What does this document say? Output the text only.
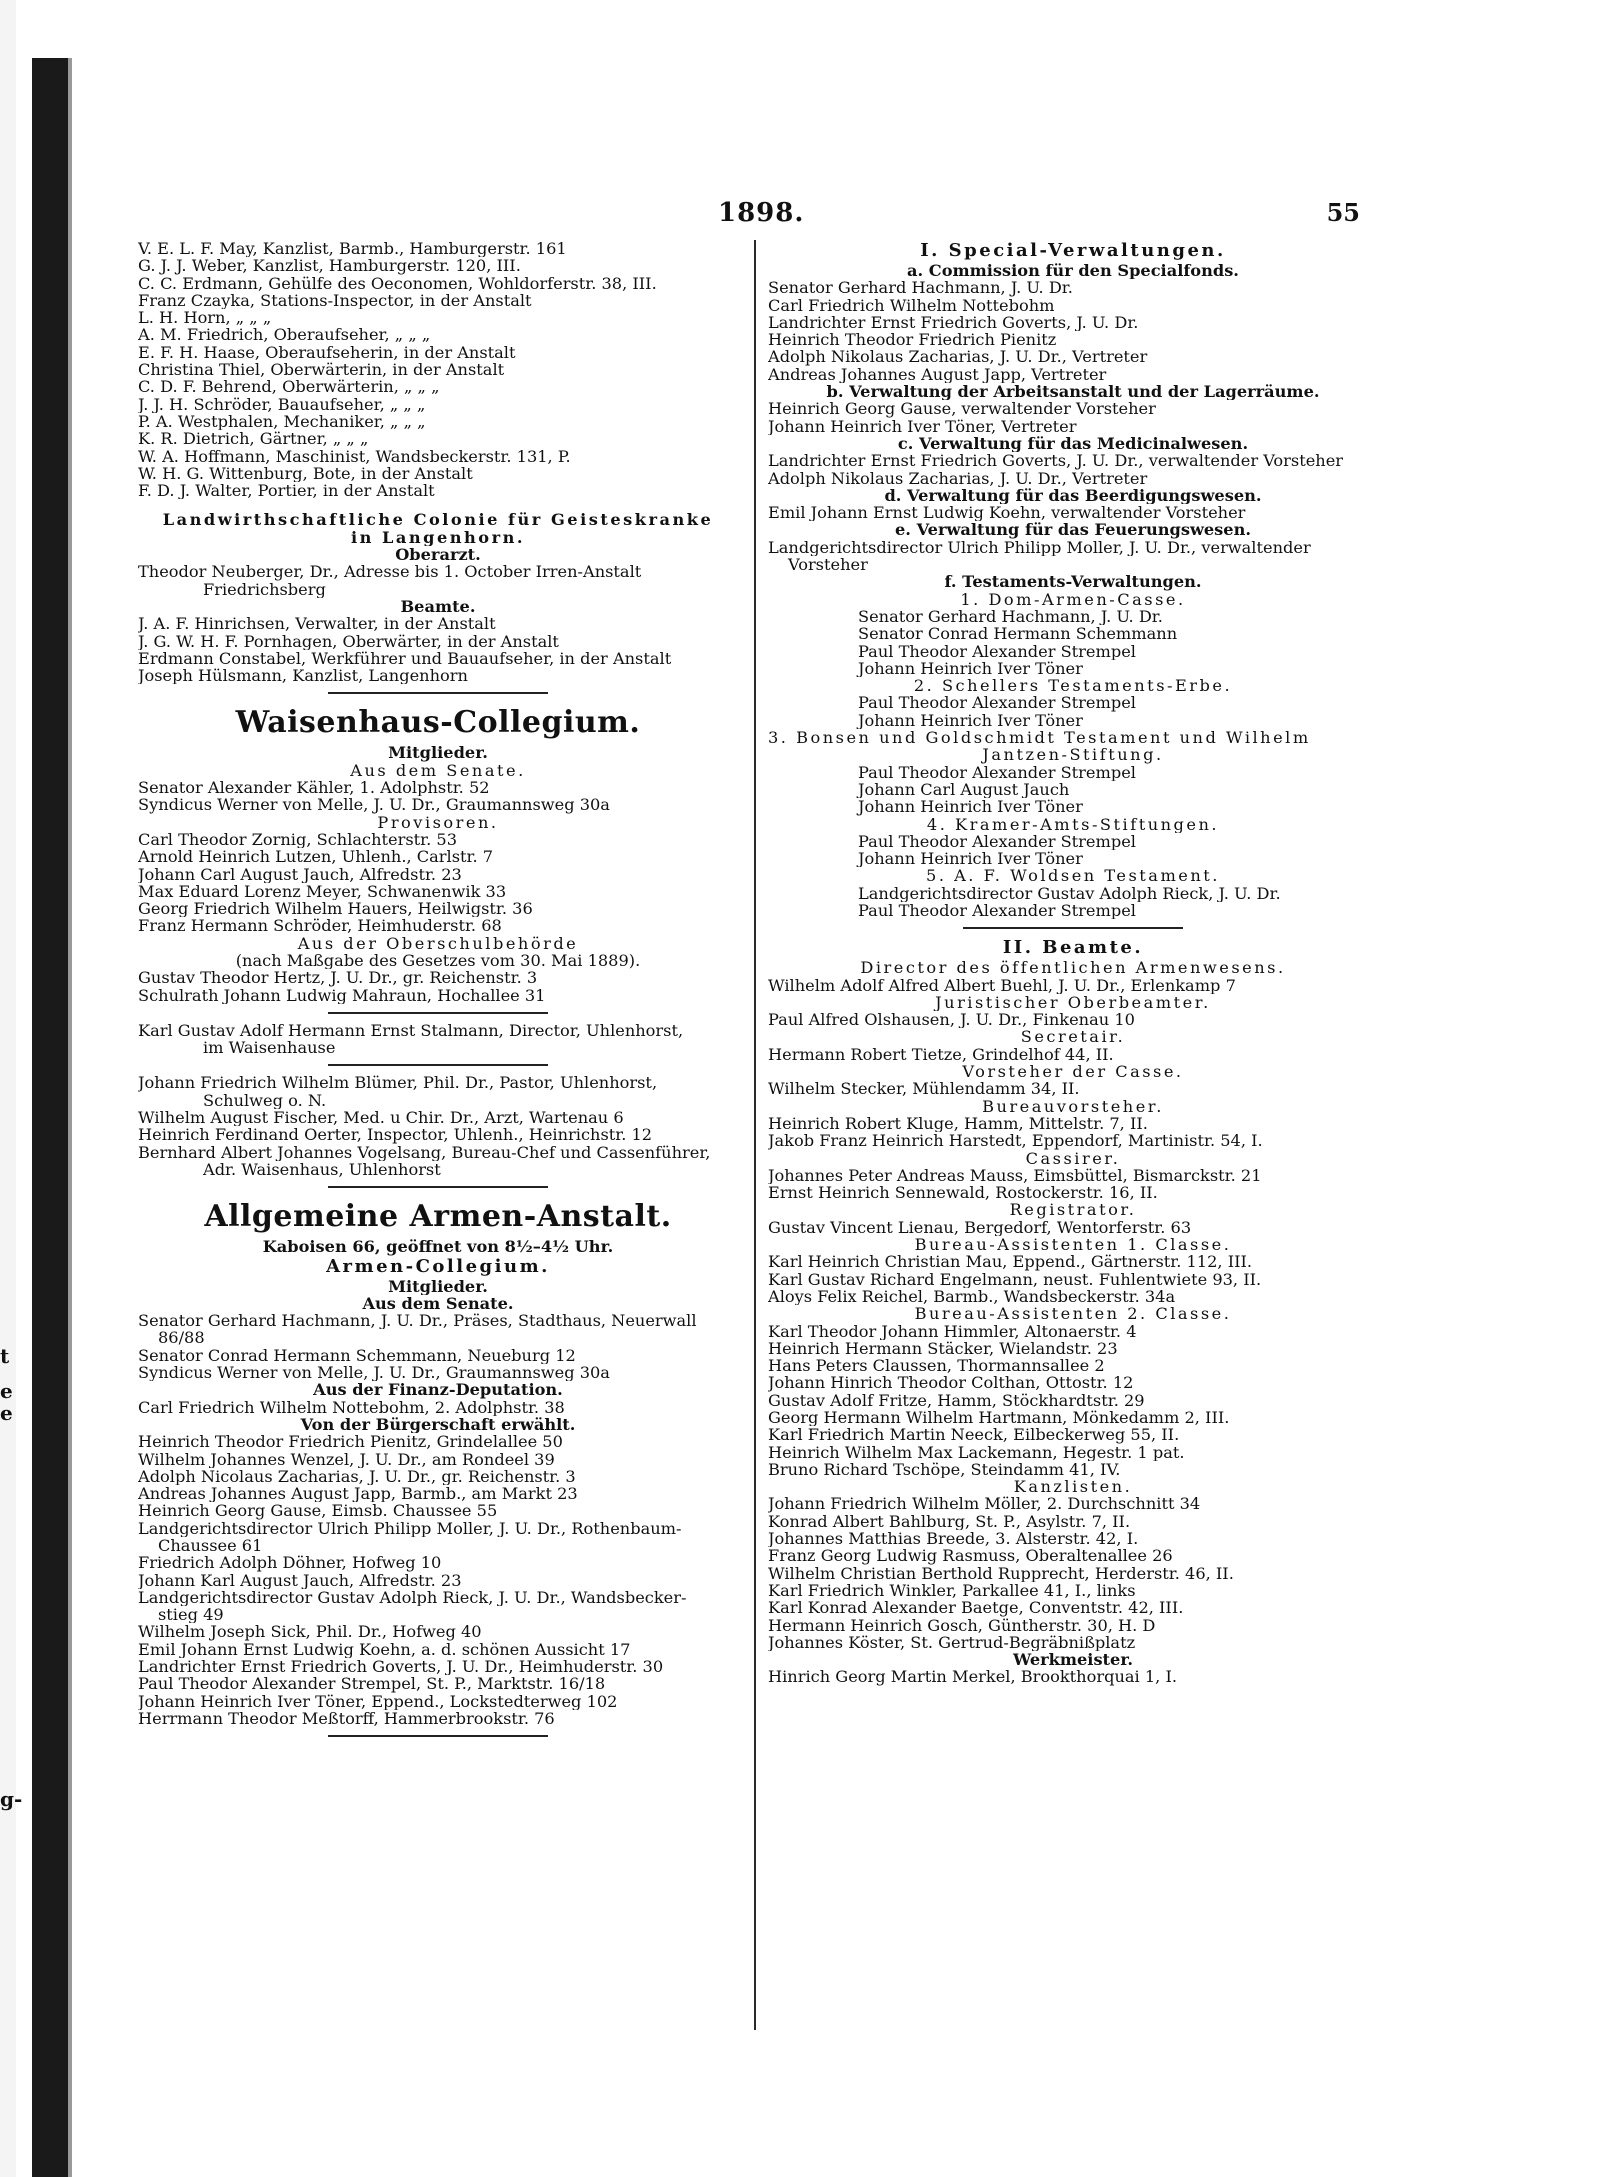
t
e
e
g-
1898.	55
V. E. L. F. May, Kanzlist, Barmb., Hamburgerstr. 161
G. J. J. Weber, Kanzlist, Hamburgerstr. 120, III.
C. C. Erdmann, Gehülfe des Oeconomen, Wohldorferstr. 38, III.
Franz Czayka, Stations-Inspector, in der Anstalt
L. H. Horn, „ „ „
A. M. Friedrich, Oberaufseher, „ „ „
E. F. H. Haase, Oberaufseherin, in der Anstalt
Christina Thiel, Oberwärterin, in der Anstalt
C. D. F. Behrend, Oberwärterin, „ „ „
J. J. H. Schröder, Bauaufseher, „ „ „
P. A. Westphalen, Mechaniker, „ „ „
K. R. Dietrich, Gärtner, „ „ „
W. A. Hoffmann, Maschinist, Wandsbeckerstr. 131, P.
W. H. G. Wittenburg, Bote, in der Anstalt
F. D. J. Walter, Portier, in der Anstalt
Landwirthschaftliche Colonie für Geisteskranke
in Langenhorn.
Oberarzt.
Theodor Neuberger, Dr., Adresse bis 1. October Irren-Anstalt
Friedrichsberg
Beamte.
J. A. F. Hinrichsen, Verwalter, in der Anstalt
J. G. W. H. F. Pornhagen, Oberwärter, in der Anstalt
Erdmann Constabel, Werkführer und Bauaufseher, in der Anstalt
Joseph Hülsmann, Kanzlist, Langenhorn
Waisenhaus-Collegium.
Mitglieder.
Aus dem Senate.
Senator Alexander Kähler, 1. Adolphstr. 52
Syndicus Werner von Melle, J. U. Dr., Graumannsweg 30a
Provisoren.
Carl Theodor Zornig, Schlachterstr. 53
Arnold Heinrich Lutzen, Uhlenh., Carlstr. 7
Johann Carl August Jauch, Alfredstr. 23
Max Eduard Lorenz Meyer, Schwanenwik 33
Georg Friedrich Wilhelm Hauers, Heilwigstr. 36
Franz Hermann Schröder, Heimhuderstr. 68
Aus der Oberschulbehörde
(nach Maßgabe des Gesetzes vom 30. Mai 1889).
Gustav Theodor Hertz, J. U. Dr., gr. Reichenstr. 3
Schulrath Johann Ludwig Mahraun, Hochallee 31
Karl Gustav Adolf Hermann Ernst Stalmann, Director, Uhlenhorst,
im Waisenhause
Johann Friedrich Wilhelm Blümer, Phil. Dr., Pastor, Uhlenhorst,
Schulweg o. N.
Wilhelm August Fischer, Med. u Chir. Dr., Arzt, Wartenau 6
Heinrich Ferdinand Oerter, Inspector, Uhlenh., Heinrichstr. 12
Bernhard Albert Johannes Vogelsang, Bureau-Chef und Cassenführer,
Adr. Waisenhaus, Uhlenhorst
Allgemeine Armen-Anstalt.
Kaboisen 66, geöffnet von 8½–4½ Uhr.
Armen-Collegium.
Mitglieder.
Aus dem Senate.
Senator Gerhard Hachmann, J. U. Dr., Präses, Stadthaus, Neuerwall
86/88
Senator Conrad Hermann Schemmann, Neueburg 12
Syndicus Werner von Melle, J. U. Dr., Graumannsweg 30a
Aus der Finanz-Deputation.
Carl Friedrich Wilhelm Nottebohm, 2. Adolphstr. 38
Von der Bürgerschaft erwählt.
Heinrich Theodor Friedrich Pienitz, Grindelallee 50
Wilhelm Johannes Wenzel, J. U. Dr., am Rondeel 39
Adolph Nicolaus Zacharias, J. U. Dr., gr. Reichenstr. 3
Andreas Johannes August Japp, Barmb., am Markt 23
Heinrich Georg Gause, Eimsb. Chaussee 55
Landgerichtsdirector Ulrich Philipp Moller, J. U. Dr., Rothenbaum-
Chaussee 61
Friedrich Adolph Döhner, Hofweg 10
Johann Karl August Jauch, Alfredstr. 23
Landgerichtsdirector Gustav Adolph Rieck, J. U. Dr., Wandsbecker-
stieg 49
Wilhelm Joseph Sick, Phil. Dr., Hofweg 40
Emil Johann Ernst Ludwig Koehn, a. d. schönen Aussicht 17
Landrichter Ernst Friedrich Goverts, J. U. Dr., Heimhuderstr. 30
Paul Theodor Alexander Strempel, St. P., Marktstr. 16/18
Johann Heinrich Iver Töner, Eppend., Lockstedterweg 102
Herrmann Theodor Meßtorff, Hammerbrookstr. 76
I. Special-Verwaltungen.
a. Commission für den Specialfonds.
Senator Gerhard Hachmann, J. U. Dr.
Carl Friedrich Wilhelm Nottebohm
Landrichter Ernst Friedrich Goverts, J. U. Dr.
Heinrich Theodor Friedrich Pienitz
Adolph Nikolaus Zacharias, J. U. Dr., Vertreter
Andreas Johannes August Japp, Vertreter
b. Verwaltung der Arbeitsanstalt und der Lagerräume.
Heinrich Georg Gause, verwaltender Vorsteher
Johann Heinrich Iver Töner, Vertreter
c. Verwaltung für das Medicinalwesen.
Landrichter Ernst Friedrich Goverts, J. U. Dr., verwaltender Vorsteher
Adolph Nikolaus Zacharias, J. U. Dr., Vertreter
d. Verwaltung für das Beerdigungswesen.
Emil Johann Ernst Ludwig Koehn, verwaltender Vorsteher
e. Verwaltung für das Feuerungswesen.
Landgerichtsdirector Ulrich Philipp Moller, J. U. Dr., verwaltender
Vorsteher
f. Testaments-Verwaltungen.
1. Dom-Armen-Casse.
Senator Gerhard Hachmann, J. U. Dr.
Senator Conrad Hermann Schemmann
Paul Theodor Alexander Strempel
Johann Heinrich Iver Töner
2. Schellers Testaments-Erbe.
Paul Theodor Alexander Strempel
Johann Heinrich Iver Töner
3. Bonsen und Goldschmidt Testament und Wilhelm
Jantzen-Stiftung.
Paul Theodor Alexander Strempel
Johann Carl August Jauch
Johann Heinrich Iver Töner
4. Kramer-Amts-Stiftungen.
Paul Theodor Alexander Strempel
Johann Heinrich Iver Töner
5. A. F. Woldsen Testament.
Landgerichtsdirector Gustav Adolph Rieck, J. U. Dr.
Paul Theodor Alexander Strempel
II. Beamte.
Director des öffentlichen Armenwesens.
Wilhelm Adolf Alfred Albert Buehl, J. U. Dr., Erlenkamp 7
Juristischer Oberbeamter.
Paul Alfred Olshausen, J. U. Dr., Finkenau 10
Secretair.
Hermann Robert Tietze, Grindelhof 44, II.
Vorsteher der Casse.
Wilhelm Stecker, Mühlendamm 34, II.
Bureauvorsteher.
Heinrich Robert Kluge, Hamm, Mittelstr. 7, II.
Jakob Franz Heinrich Harstedt, Eppendorf, Martinistr. 54, I.
Cassirer.
Johannes Peter Andreas Mauss, Eimsbüttel, Bismarckstr. 21
Ernst Heinrich Sennewald, Rostockerstr. 16, II.
Registrator.
Gustav Vincent Lienau, Bergedorf, Wentorferstr. 63
Bureau-Assistenten 1. Classe.
Karl Heinrich Christian Mau, Eppend., Gärtnerstr. 112, III.
Karl Gustav Richard Engelmann, neust. Fuhlentwiete 93, II.
Aloys Felix Reichel, Barmb., Wandsbeckerstr. 34a
Bureau-Assistenten 2. Classe.
Karl Theodor Johann Himmler, Altonaerstr. 4
Heinrich Hermann Stäcker, Wielandstr. 23
Hans Peters Claussen, Thormannsallee 2
Johann Hinrich Theodor Colthan, Ottostr. 12
Gustav Adolf Fritze, Hamm, Stöckhardtstr. 29
Georg Hermann Wilhelm Hartmann, Mönkedamm 2, III.
Karl Friedrich Martin Neeck, Eilbeckerweg 55, II.
Heinrich Wilhelm Max Lackemann, Hegestr. 1 pat.
Bruno Richard Tschöpe, Steindamm 41, IV.
Kanzlisten.
Johann Friedrich Wilhelm Möller, 2. Durchschnitt 34
Konrad Albert Bahlburg, St. P., Asylstr. 7, II.
Johannes Matthias Breede, 3. Alsterstr. 42, I.
Franz Georg Ludwig Rasmuss, Oberaltenallee 26
Wilhelm Christian Berthold Rupprecht, Herderstr. 46, II.
Karl Friedrich Winkler, Parkallee 41, I., links
Karl Konrad Alexander Baetge, Conventstr. 42, III.
Hermann Heinrich Gosch, Güntherstr. 30, H. D
Johannes Köster, St. Gertrud-Begräbnißplatz
Werkmeister.
Hinrich Georg Martin Merkel, Brookthorquai 1, I.
